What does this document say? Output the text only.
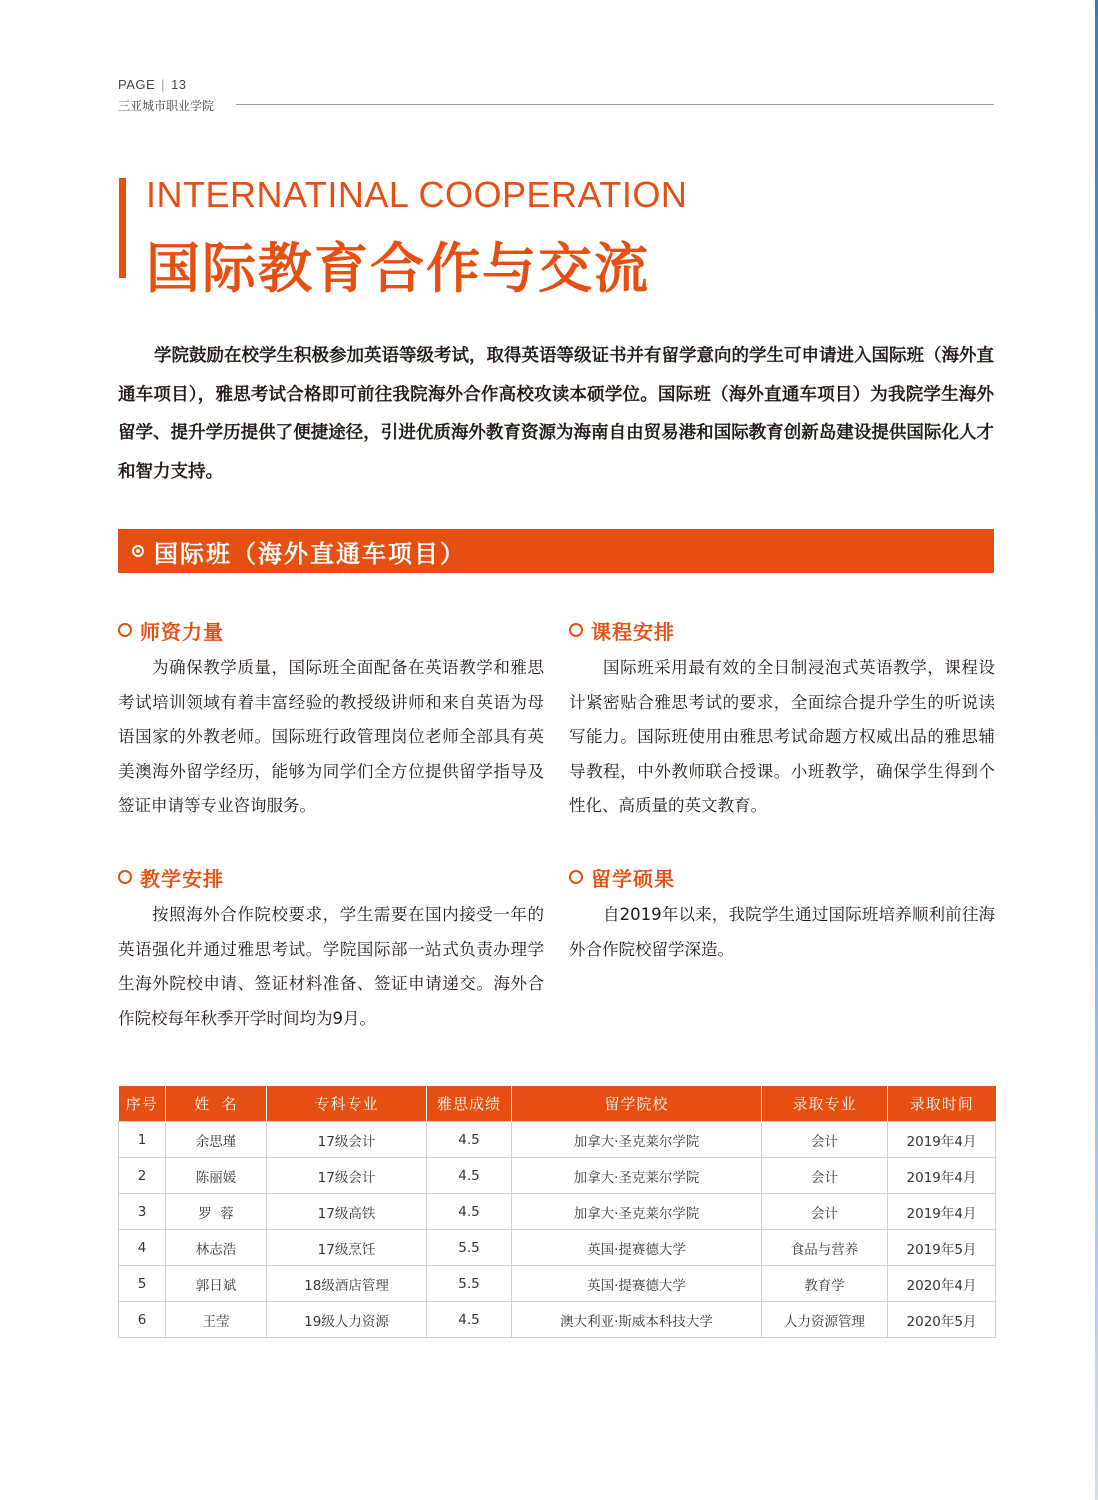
PAGE | 13
三亚城市职业学院
INTERNATINAL COOPERATION
国际教育合作与交流

学院鼓励在校学生积极参加英语等级考试，取得英语等级证书并有留学意向的学生可申请进入国际班（海外直通车项目），雅思考试合格即可前往我院海外合作高校攻读本硕学位。国际班（海外直通车项目）为我院学生海外留学、提升学历提供了便捷途径，引进优质海外教育资源为海南自由贸易港和国际教育创新岛建设提供国际化人才和智力支持。

国际班（海外直通车项目）
师资力量

为确保教学质量，国际班全面配备在英语教学和雅思考试培训领域有着丰富经验的教授级讲师和来自英语为母语国家的外教老师。国际班行政管理岗位老师全部具有英美澳海外留学经历，能够为同学们全方位提供留学指导及签证申请等专业咨询服务。

课程安排

国际班采用最有效的全日制浸泡式英语教学，课程设计紧密贴合雅思考试的要求，全面综合提升学生的听说读写能力。国际班使用由雅思考试命题方权威出品的雅思辅导教程，中外教师联合授课。小班教学，确保学生得到个性化、高质量的英文教育。

教学安排

按照海外合作院校要求，学生需要在国内接受一年的英语强化并通过雅思考试。学院国际部一站式负责办理学生海外院校申请、签证材料准备、签证申请递交。海外合作院校每年秋季开学时间均为9月。

留学硕果

自2019年以来，我院学生通过国际班培养顺利前往海外合作院校留学深造。

序号	姓  名	专科专业	雅思成绩	留学院校	录取专业	录取时间
1	余思瑾	17级会计	4.5	加拿大·圣克莱尔学院	会计	2019年4月
2	陈丽媛	17级会计	4.5	加拿大·圣克莱尔学院	会计	2019年4月
3	罗  蓉	17级高铁	4.5	加拿大·圣克莱尔学院	会计	2019年4月
4	林志浩	17级烹饪	5.5	英国·提赛德大学	食品与营养	2019年5月
5	郭日斌	18级酒店管理	5.5	英国·提赛德大学	教育学	2020年4月
6	王莹	19级人力资源	4.5	澳大利亚·斯威本科技大学	人力资源管理	2020年5月
